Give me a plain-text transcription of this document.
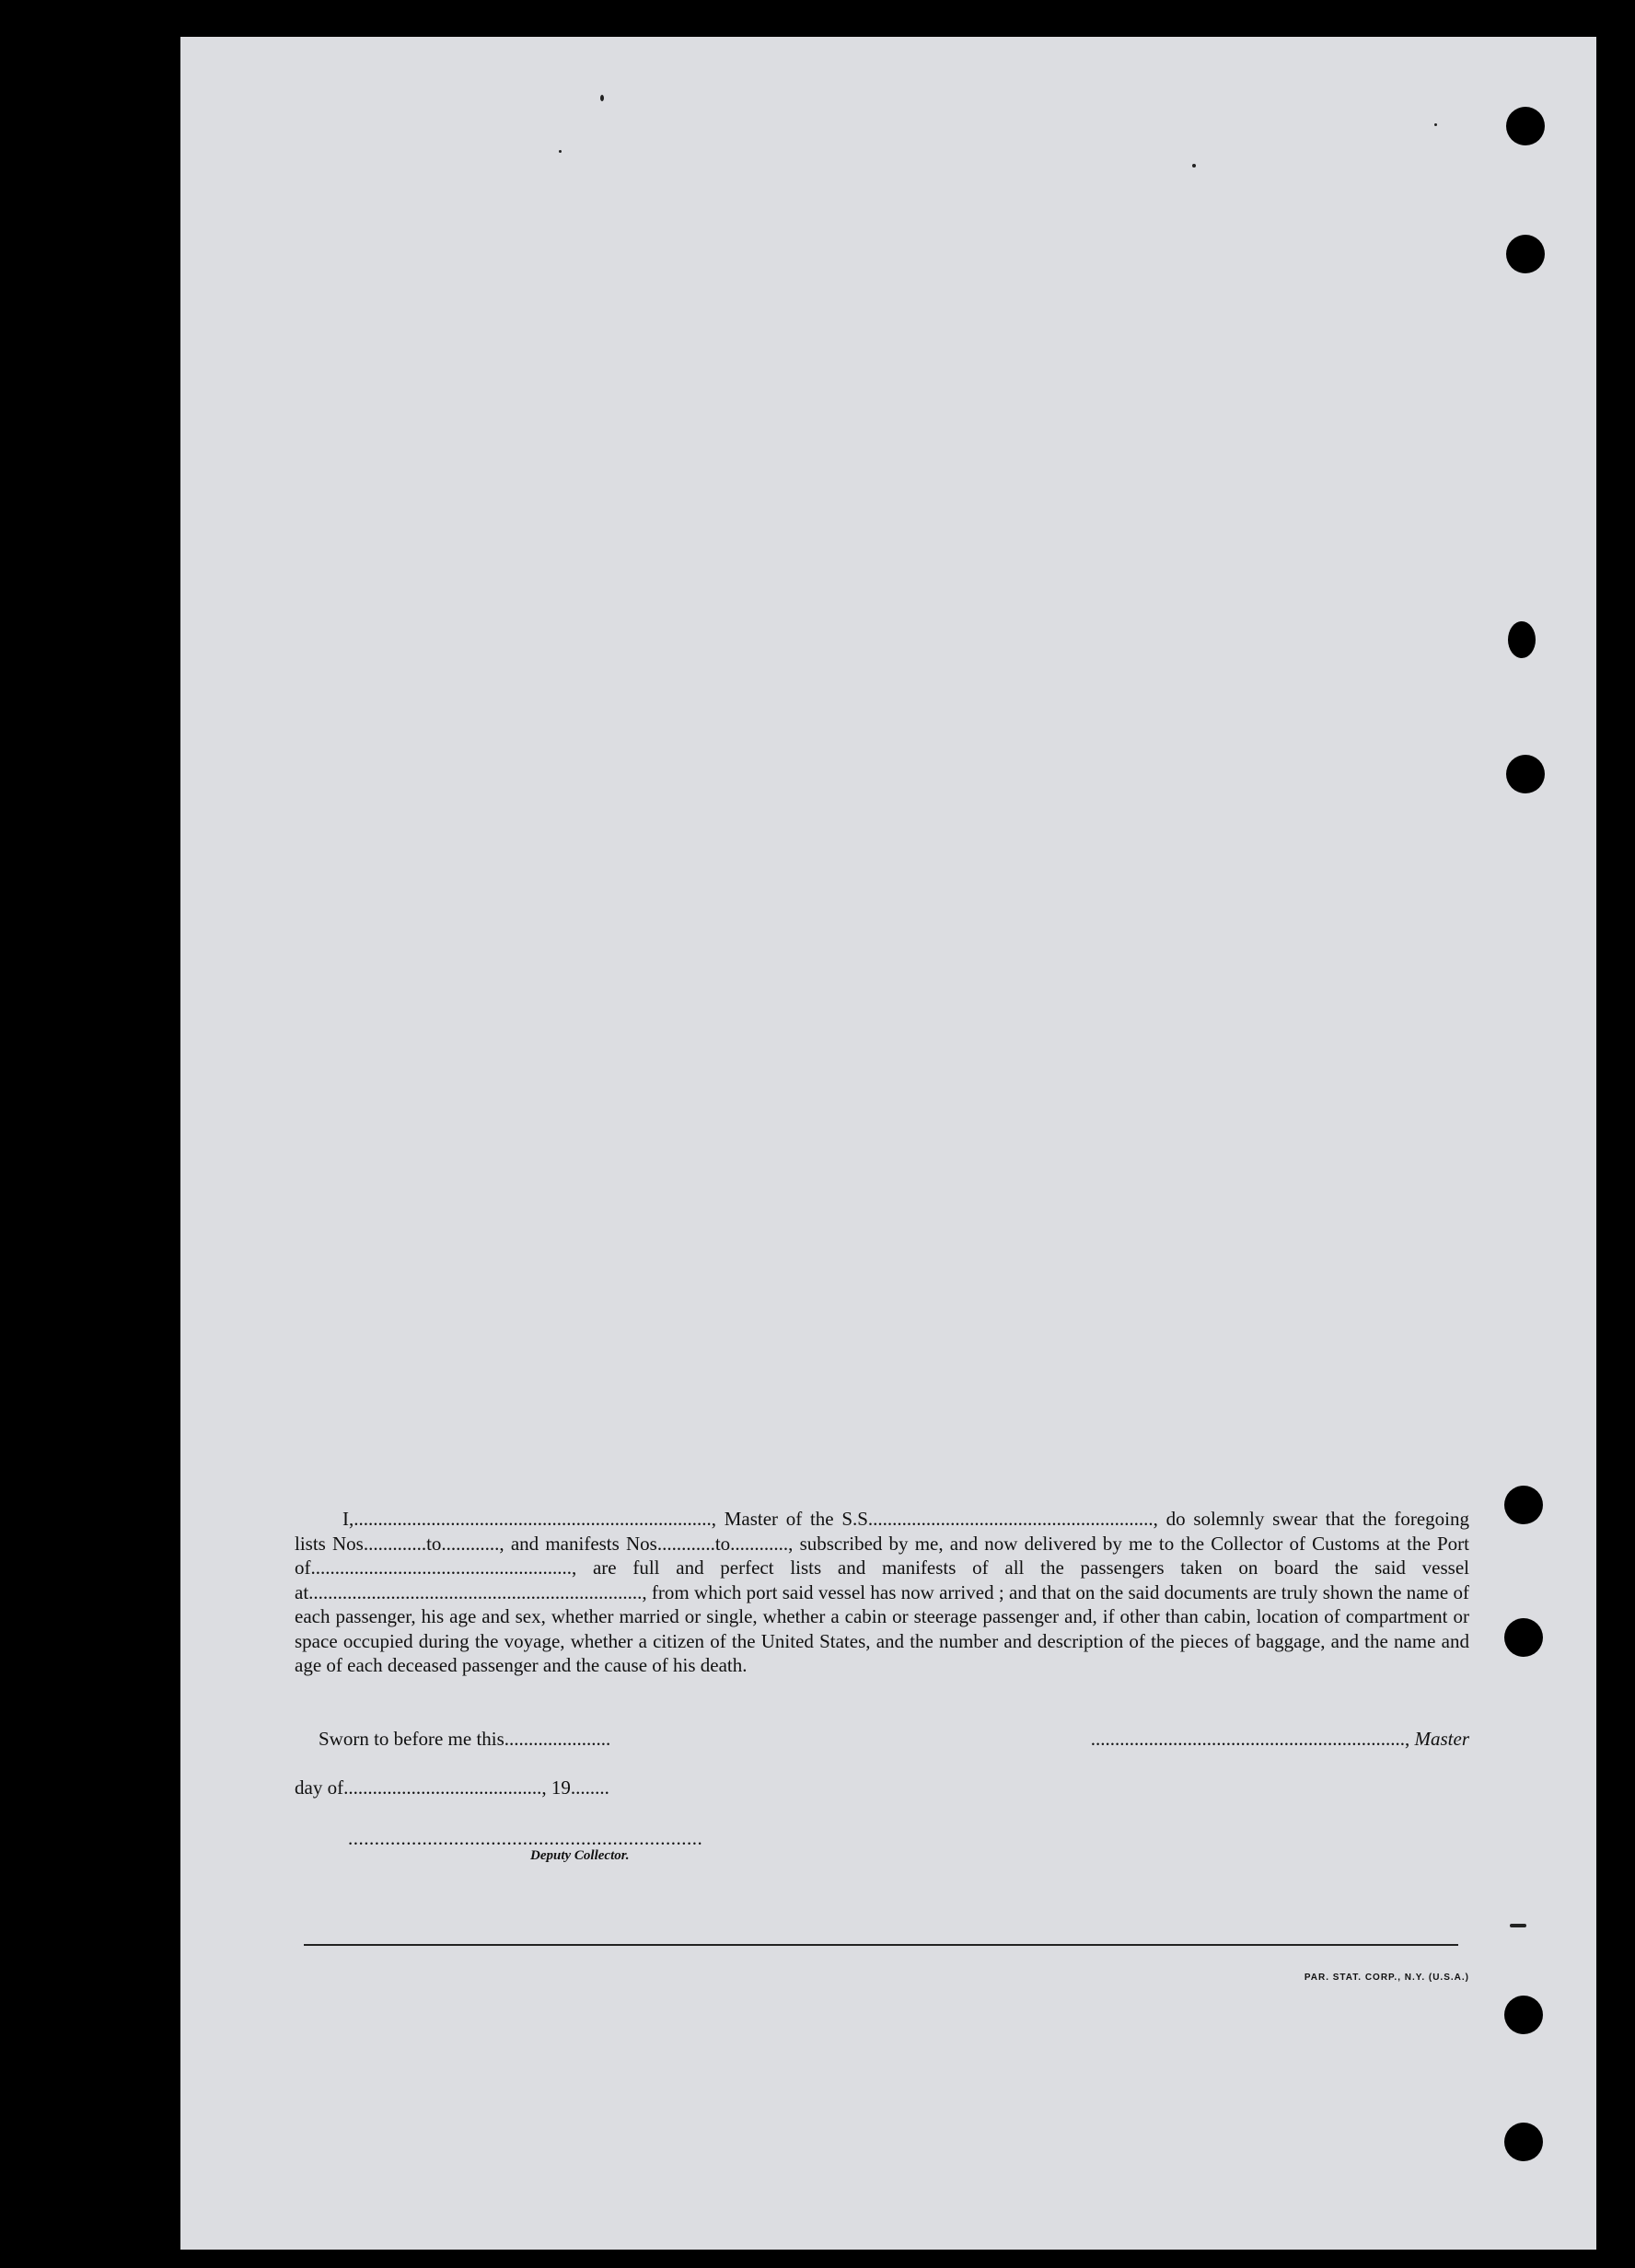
I,.........................................................................., Master of the S.S..........................................................., do solemnly swear that the foregoing lists Nos.............to............, and manifests Nos............to............, subscribed by me, and now delivered by me to the Collector of Customs at the Port of......................................................, are full and perfect lists and manifests of all the passengers taken on board the said vessel at....................................................................., from which port said vessel has now arrived ; and that on the said documents are truly shown the name of each passenger, his age and sex, whether married or single, whether a cabin or steerage passenger and, if other than cabin, location of compartment or space occupied during the voyage, whether a citizen of the United States, and the number and description of the pieces of baggage, and the name and age of each deceased passenger and the cause of his death.
Sworn to before me this......................	................................................................., Master
day of........................................., 19........
...................................................................
Deputy Collector.
PAR. STAT. CORP., N.Y. (U.S.A.)
